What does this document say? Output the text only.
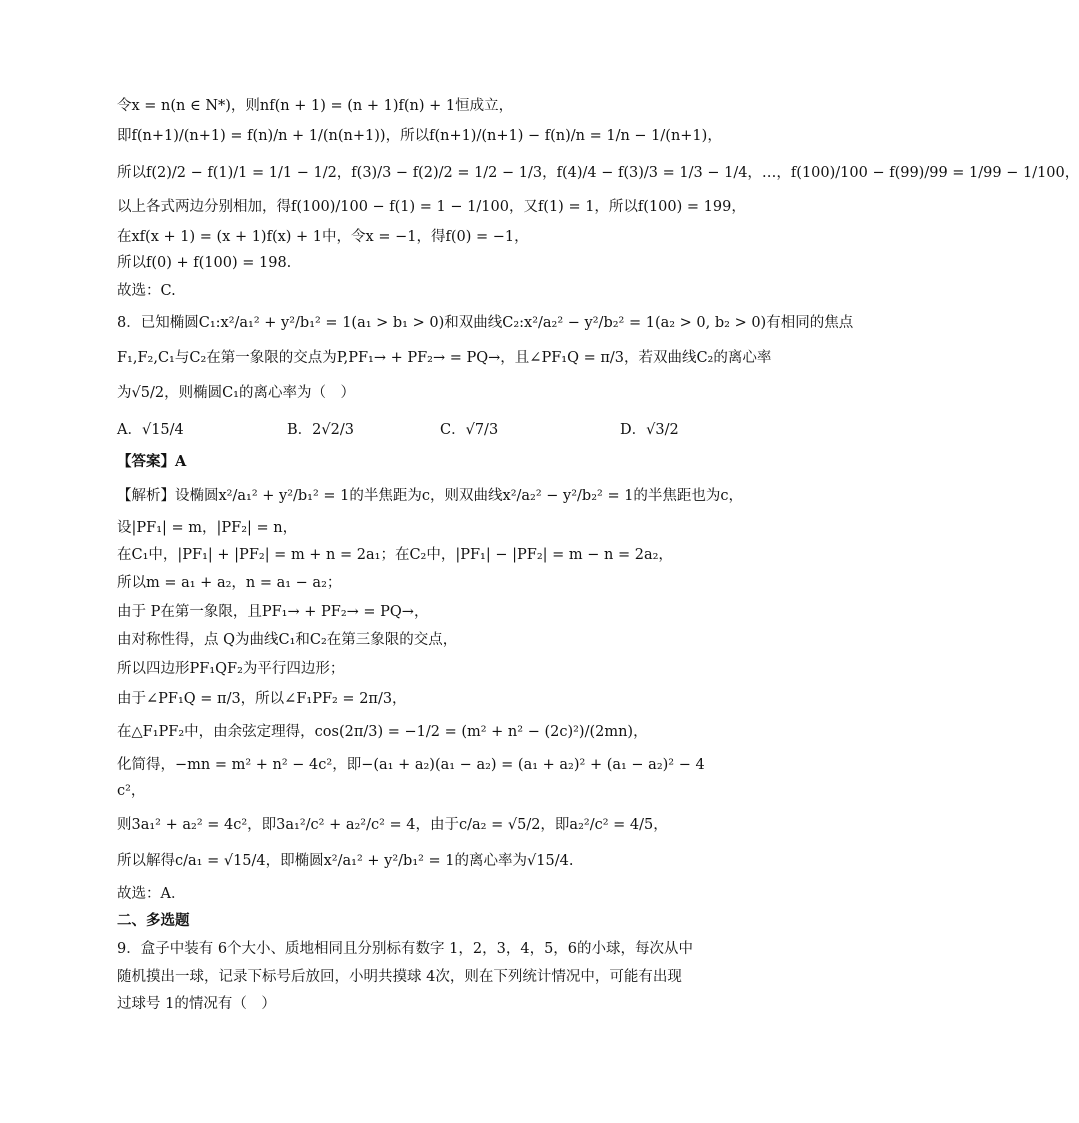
令x = n(n ∈ N*)，则nf(n + 1) = (n + 1)f(n) + 1恒成立，
即f(n+1)/(n+1) = f(n)/n + 1/(n(n+1))，所以f(n+1)/(n+1) − f(n)/n = 1/n − 1/(n+1)，
所以f(2)/2 − f(1)/1 = 1/1 − 1/2，f(3)/3 − f(2)/2 = 1/2 − 1/3，f(4)/4 − f(3)/3 = 1/3 − 1/4，…，f(100)/100 − f(99)/99 = 1/99 − 1/100，
以上各式两边分别相加，得f(100)/100 − f(1) = 1 − 1/100，又f(1) = 1，所以f(100) = 199，
在xf(x + 1) = (x + 1)f(x) + 1中，令x = −1，得f(0) = −1，
所以f(0) + f(100) = 198.
故选：C.
8．已知椭圆C₁:x²/a₁² + y²/b₁² = 1(a₁ > b₁ > 0)和双曲线C₂:x²/a₂² − y²/b₂² = 1(a₂ > 0, b₂ > 0)有相同的焦点
F₁,F₂,C₁与C₂在第一象限的交点为P,PF₁→ + PF₂→ = PQ→，且∠PF₁Q = π/3，若双曲线C₂的离心率
为√5/2，则椭圆C₁的离心率为（　）
A．√15/4	B．2√2/3	C．√7/3	D．√3/2
【答案】A
【解析】设椭圆x²/a₁² + y²/b₁² = 1的半焦距为c，则双曲线x²/a₂² − y²/b₂² = 1的半焦距也为c，
设|PF₁| = m，|PF₂| = n，
在C₁中，|PF₁| + |PF₂| = m + n = 2a₁；在C₂中，|PF₁| − |PF₂| = m − n = 2a₂，
所以m = a₁ + a₂，n = a₁ − a₂；
由于 P在第一象限，且PF₁→ + PF₂→ = PQ→，
由对称性得，点 Q为曲线C₁和C₂在第三象限的交点，
所以四边形PF₁QF₂为平行四边形；
由于∠PF₁Q = π/3，所以∠F₁PF₂ = 2π/3，
在△F₁PF₂中，由余弦定理得，cos(2π/3) = −1/2 = (m² + n² − (2c)²)/(2mn)，
化简得，−mn = m² + n² − 4c²，即−(a₁ + a₂)(a₁ − a₂) = (a₁ + a₂)² + (a₁ − a₂)² − 4
c²，
则3a₁² + a₂² = 4c²，即3a₁²/c² + a₂²/c² = 4，由于c/a₂ = √5/2，即a₂²/c² = 4/5，
所以解得c/a₁ = √15/4，即椭圆x²/a₁² + y²/b₁² = 1的离心率为√15/4.
故选：A．
二、多选题
9．盒子中装有 6个大小、质地相同且分别标有数字 1，2，3，4，5，6的小球，每次从中
随机摸出一球，记录下标号后放回，小明共摸球 4次，则在下列统计情况中，可能有出现
过球号 1的情况有（　）
